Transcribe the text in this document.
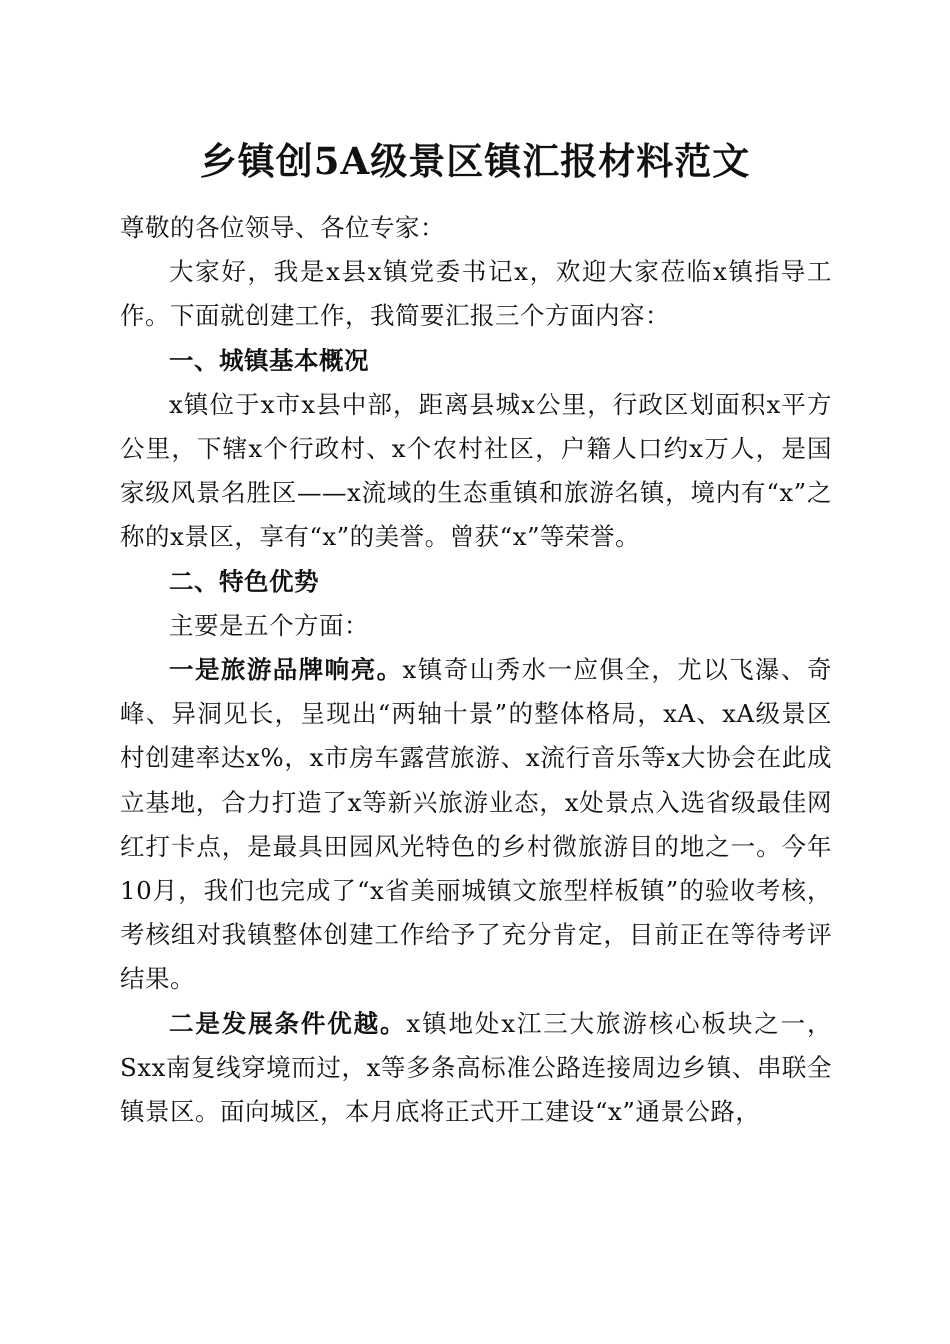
乡镇创5A级景区镇汇报材料范文

尊敬的各位领导、各位专家：

大家好，我是x县x镇党委书记x，欢迎大家莅临x镇指导工作。下面就创建工作，我简要汇报三个方面内容：

一、城镇基本概况

x镇位于x市x县中部，距离县城x公里，行政区划面积x平方公里，下辖x个行政村、x个农村社区，户籍人口约x万人，是国家级风景名胜区——x流域的生态重镇和旅游名镇，境内有“x”之称的x景区，享有“x”的美誉。曾获“x”等荣誉。

二、特色优势

主要是五个方面：

一是旅游品牌响亮。x镇奇山秀水一应俱全，尤以飞瀑、奇峰、异洞见长，呈现出“两轴十景”的整体格局，xA、xA级景区村创建率达x%，x市房车露营旅游、x流行音乐等x大协会在此成立基地，合力打造了x等新兴旅游业态，x处景点入选省级最佳网红打卡点，是最具田园风光特色的乡村微旅游目的地之一。今年10月，我们也完成了“x省美丽城镇文旅型样板镇”的验收考核，考核组对我镇整体创建工作给予了充分肯定，目前正在等待考评结果。

二是发展条件优越。x镇地处x江三大旅游核心板块之一，Sxx南复线穿境而过，x等多条高标准公路连接周边乡镇、串联全镇景区。面向城区，本月底将正式开工建设“x”通景公路，
